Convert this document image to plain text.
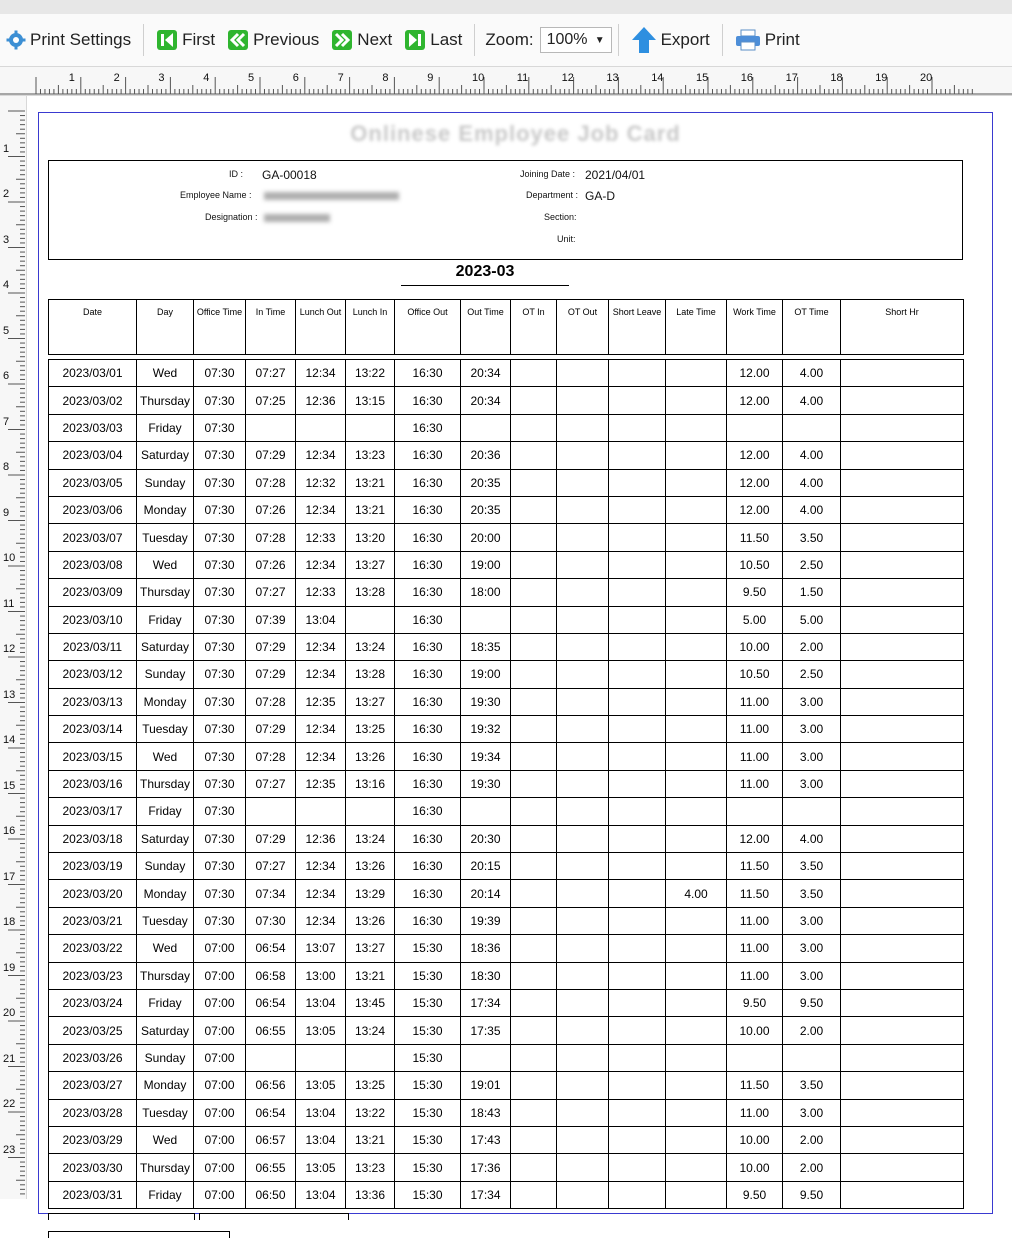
Print Settings	First Previous Next Last Zoom: 100% ▼	Export	Print
1	2	3	4	5	6	7	8	9	10	11	12	13	14	15	16	17	18	19	20
1
2
3
4
5
6
7
8
9
10
11
12
13
14
15
16
17
18
19
20
21
22
23
Onlinese Employee Job Card
ID : GA-00018
Employee Name :
Designation :
Joining Date : 2021/04/01
Department : GA-D
Section:
Unit:
2023-03
Date	Day	Office Time	In Time	Lunch Out	Lunch In	Office Out	Out Time	OT In	OT Out	Short Leave	Late Time	Work Time	OT Time	Short Hr

2023/03/01	Wed	07:30	07:27	12:34	13:22	16:30	20:34					12.00	4.00	
2023/03/02	Thursday	07:30	07:25	12:36	13:15	16:30	20:34					12.00	4.00	
2023/03/03	Friday	07:30				16:30								
2023/03/04	Saturday	07:30	07:29	12:34	13:23	16:30	20:36					12.00	4.00	
2023/03/05	Sunday	07:30	07:28	12:32	13:21	16:30	20:35					12.00	4.00	
2023/03/06	Monday	07:30	07:26	12:34	13:21	16:30	20:35					12.00	4.00	
2023/03/07	Tuesday	07:30	07:28	12:33	13:20	16:30	20:00					11.50	3.50	
2023/03/08	Wed	07:30	07:26	12:34	13:27	16:30	19:00					10.50	2.50	
2023/03/09	Thursday	07:30	07:27	12:33	13:28	16:30	18:00					9.50	1.50	
2023/03/10	Friday	07:30	07:39	13:04		16:30						5.00	5.00	
2023/03/11	Saturday	07:30	07:29	12:34	13:24	16:30	18:35					10.00	2.00	
2023/03/12	Sunday	07:30	07:29	12:34	13:28	16:30	19:00					10.50	2.50	
2023/03/13	Monday	07:30	07:28	12:35	13:27	16:30	19:30					11.00	3.00	
2023/03/14	Tuesday	07:30	07:29	12:34	13:25	16:30	19:32					11.00	3.00	
2023/03/15	Wed	07:30	07:28	12:34	13:26	16:30	19:34					11.00	3.00	
2023/03/16	Thursday	07:30	07:27	12:35	13:16	16:30	19:30					11.00	3.00	
2023/03/17	Friday	07:30				16:30								
2023/03/18	Saturday	07:30	07:29	12:36	13:24	16:30	20:30					12.00	4.00	
2023/03/19	Sunday	07:30	07:27	12:34	13:26	16:30	20:15					11.50	3.50	
2023/03/20	Monday	07:30	07:34	12:34	13:29	16:30	20:14				4.00	11.50	3.50	
2023/03/21	Tuesday	07:30	07:30	12:34	13:26	16:30	19:39					11.00	3.00	
2023/03/22	Wed	07:00	06:54	13:07	13:27	15:30	18:36					11.00	3.00	
2023/03/23	Thursday	07:00	06:58	13:00	13:21	15:30	18:30					11.00	3.00	
2023/03/24	Friday	07:00	06:54	13:04	13:45	15:30	17:34					9.50	9.50	
2023/03/25	Saturday	07:00	06:55	13:05	13:24	15:30	17:35					10.00	2.00	
2023/03/26	Sunday	07:00				15:30								
2023/03/27	Monday	07:00	06:56	13:05	13:25	15:30	19:01					11.50	3.50	
2023/03/28	Tuesday	07:00	06:54	13:04	13:22	15:30	18:43					11.00	3.00	
2023/03/29	Wed	07:00	06:57	13:04	13:21	15:30	17:43					10.00	2.00	
2023/03/30	Thursday	07:00	06:55	13:05	13:23	15:30	17:36					10.00	2.00	
2023/03/31	Friday	07:00	06:50	13:04	13:36	15:30	17:34					9.50	9.50	
